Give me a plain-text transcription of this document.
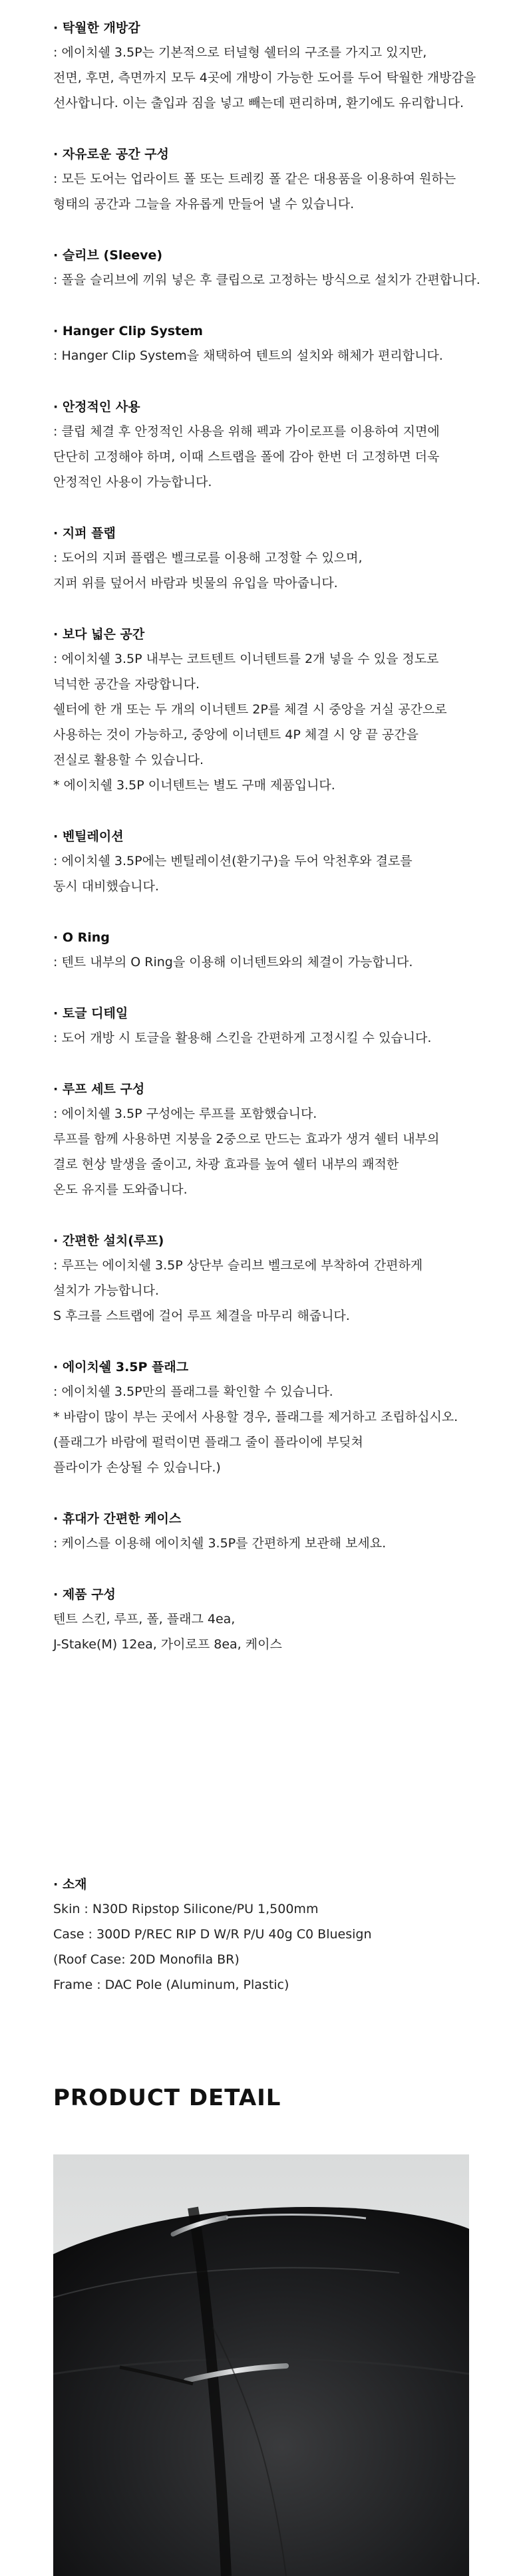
· 탁월한 개방감

: 에이치쉘 3.5P는 기본적으로 터널형 쉘터의 구조를 가지고 있지만,

전면, 후면, 측면까지 모두 4곳에 개방이 가능한 도어를 두어 탁월한 개방감을

선사합니다. 이는 출입과 짐을 넣고 빼는데 편리하며, 환기에도 유리합니다.

· 자유로운 공간 구성

: 모든 도어는 업라이트 폴 또는 트레킹 폴 같은 대용품을 이용하여 원하는

형태의 공간과 그늘을 자유롭게 만들어 낼 수 있습니다.

· 슬리브 (Sleeve)

: 폴을 슬리브에 끼워 넣은 후 클립으로 고정하는 방식으로 설치가 간편합니다.

· Hanger Clip System

: Hanger Clip System을 채택하여 텐트의 설치와 해체가 편리합니다.

· 안정적인 사용

: 클립 체결 후 안정적인 사용을 위해 펙과 가이로프를 이용하여 지면에

단단히 고정해야 하며, 이때 스트랩을 폴에 감아 한번 더 고정하면 더욱

안정적인 사용이 가능합니다.

· 지퍼 플랩

: 도어의 지퍼 플랩은 벨크로를 이용해 고정할 수 있으며,

지퍼 위를 덮어서 바람과 빗물의 유입을 막아줍니다.

· 보다 넓은 공간

: 에이치쉘 3.5P 내부는 코트텐트 이너텐트를 2개 넣을 수 있을 정도로

넉넉한 공간을 자랑합니다.

쉘터에 한 개 또는 두 개의 이너텐트 2P를 체결 시 중앙을 거실 공간으로

사용하는 것이 가능하고, 중앙에 이너텐트 4P 체결 시 양 끝 공간을

전실로 활용할 수 있습니다.

* 에이치쉘 3.5P 이너텐트는 별도 구매 제품입니다.

· 벤틸레이션

: 에이치쉘 3.5P에는 벤틸레이션(환기구)을 두어 악천후와 결로를

동시 대비했습니다.

· O Ring

: 텐트 내부의 O Ring을 이용해 이너텐트와의 체결이 가능합니다.

· 토글 디테일

: 도어 개방 시 토글을 활용해 스킨을 간편하게 고정시킬 수 있습니다.

· 루프 세트 구성

: 에이치쉘 3.5P 구성에는 루프를 포함했습니다.

루프를 함께 사용하면 지붕을 2중으로 만드는 효과가 생겨 쉘터 내부의

결로 현상 발생을 줄이고, 차광 효과를 높여 쉘터 내부의 쾌적한

온도 유지를 도와줍니다.

· 간편한 설치(루프)

: 루프는 에이치쉘 3.5P 상단부 슬리브 벨크로에 부착하여 간편하게

설치가 가능합니다.

S 후크를 스트랩에 걸어 루프 체결을 마무리 해줍니다.

· 에이치쉘 3.5P 플래그

: 에이치쉘 3.5P만의 플래그를 확인할 수 있습니다.

* 바람이 많이 부는 곳에서 사용할 경우, 플래그를 제거하고 조립하십시오.

(플래그가 바람에 펄럭이면 플래그 줄이 플라이에 부딪쳐

플라이가 손상될 수 있습니다.)

· 휴대가 간편한 케이스

: 케이스를 이용해 에이치쉘 3.5P를 간편하게 보관해 보세요.

· 제품 구성

텐트 스킨, 루프, 폴, 플래그 4ea,

J-Stake(M) 12ea, 가이로프 8ea, 케이스

· 소재

Skin : N30D Ripstop Silicone/PU 1,500mm

Case : 300D P/REC RIP D W/R P/U 40g C0 Bluesign

(Roof Case: 20D Monofila BR)

Frame : DAC Pole (Aluminum, Plastic)

PRODUCT DETAIL
